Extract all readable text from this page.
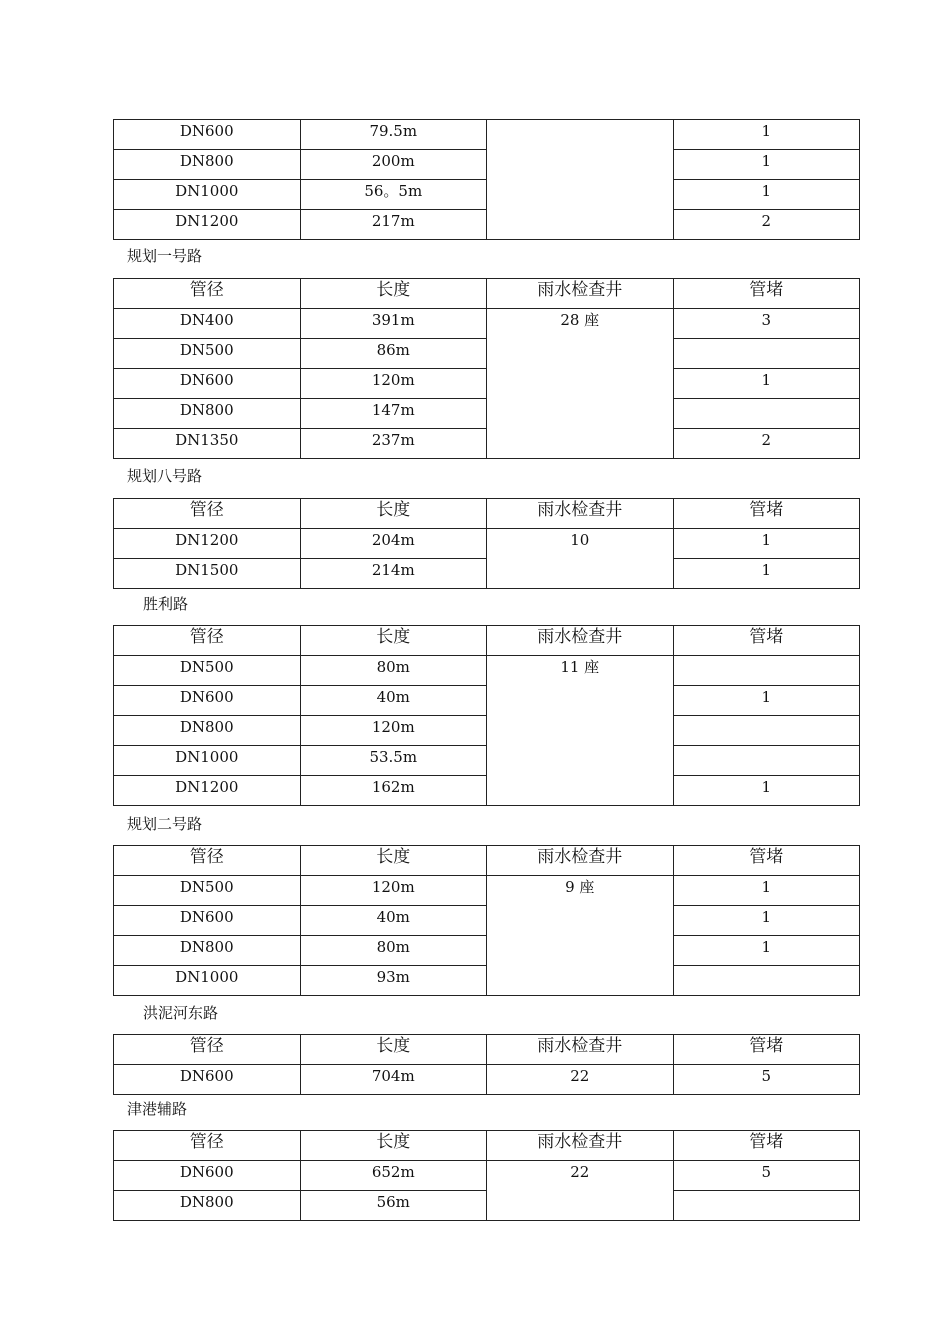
DN600	79.5m		1
DN800	200m		1
DN1000	56。5m		1
DN1200	217m		2
规划一号路
管径	长度	雨水检查井	管堵
DN400	391m	28 座	3
DN500	86m		
DN600	120m		1
DN800	147m		
DN1350	237m		2
规划八号路
管径	长度	雨水检查井	管堵
DN1200	204m	10	1
DN1500	214m		1
胜利路
管径	长度	雨水检查井	管堵
DN500	80m	11 座	
DN600	40m		1
DN800	120m		
DN1000	53.5m		
DN1200	162m		1
规划二号路
管径	长度	雨水检查井	管堵
DN500	120m	9 座	1
DN600	40m		1
DN800	80m		1
DN1000	93m		
洪泥河东路
管径	长度	雨水检查井	管堵
DN600	704m	22	5
津港辅路
管径	长度	雨水检查井	管堵
DN600	652m	22	5
DN800	56m		
